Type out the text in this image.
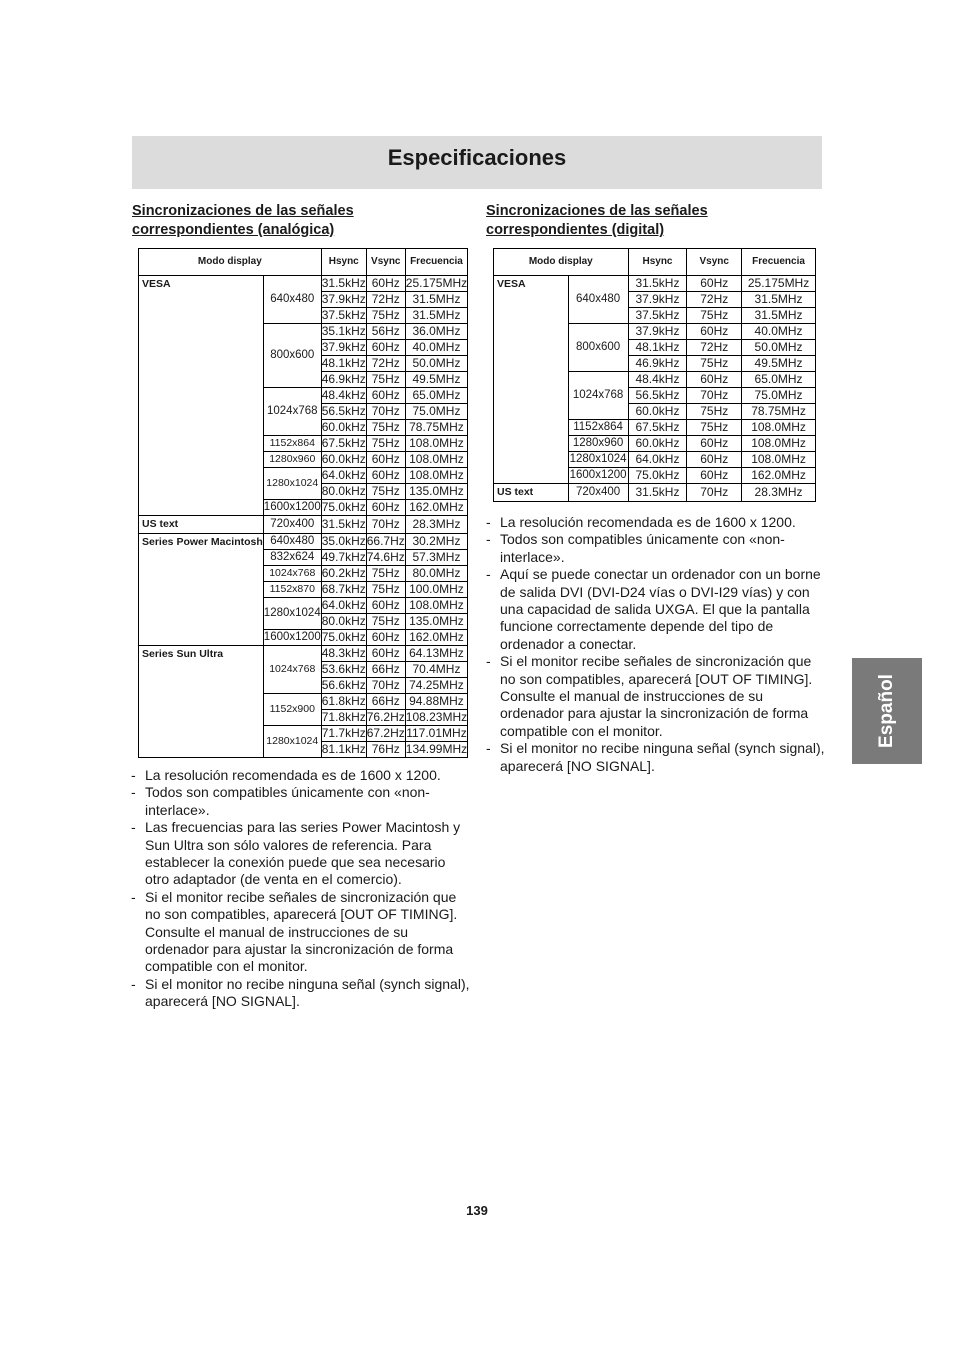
Especificaciones
Sincronizaciones de las señales
correspondientes (analógica)
Sincronizaciones de las señales
correspondientes (digital)
Modo display		Hsync	Vsync	Frecuencia
VESA	640x480	31.5kHz	60Hz	25.175MHz
		37.9kHz	72Hz	31.5MHz
		37.5kHz	75Hz	31.5MHz
	800x600	35.1kHz	56Hz	36.0MHz
		37.9kHz	60Hz	40.0MHz
		48.1kHz	72Hz	50.0MHz
		46.9kHz	75Hz	49.5MHz
	1024x768	48.4kHz	60Hz	65.0MHz
		56.5kHz	70Hz	75.0MHz
		60.0kHz	75Hz	78.75MHz
	1152x864	67.5kHz	75Hz	108.0MHz
	1280x960	60.0kHz	60Hz	108.0MHz
	1280x1024	64.0kHz	60Hz	108.0MHz
		80.0kHz	75Hz	135.0MHz
	1600x1200	75.0kHz	60Hz	162.0MHz
US text	720x400	31.5kHz	70Hz	28.3MHz
Series Power Macintosh	640x480	35.0kHz	66.7Hz	30.2MHz
	832x624	49.7kHz	74.6Hz	57.3MHz
	1024x768	60.2kHz	75Hz	80.0MHz
	1152x870	68.7kHz	75Hz	100.0MHz
	1280x1024	64.0kHz	60Hz	108.0MHz
		80.0kHz	75Hz	135.0MHz
	1600x1200	75.0kHz	60Hz	162.0MHz
Series Sun Ultra	1024x768	48.3kHz	60Hz	64.13MHz
		53.6kHz	66Hz	70.4MHz
		56.6kHz	70Hz	74.25MHz
	1152x900	61.8kHz	66Hz	94.88MHz
		71.8kHz	76.2Hz	108.23MHz
	1280x1024	71.7kHz	67.2Hz	117.01MHz
		81.1kHz	76Hz	134.99MHz
Modo display		Hsync	Vsync	Frecuencia
VESA	640x480	31.5kHz	60Hz	25.175MHz
		37.9kHz	72Hz	31.5MHz
		37.5kHz	75Hz	31.5MHz
	800x600	37.9kHz	60Hz	40.0MHz
		48.1kHz	72Hz	50.0MHz
		46.9kHz	75Hz	49.5MHz
	1024x768	48.4kHz	60Hz	65.0MHz
		56.5kHz	70Hz	75.0MHz
		60.0kHz	75Hz	78.75MHz
	1152x864	67.5kHz	75Hz	108.0MHz
	1280x960	60.0kHz	60Hz	108.0MHz
	1280x1024	64.0kHz	60Hz	108.0MHz
	1600x1200	75.0kHz	60Hz	162.0MHz
US text	720x400	31.5kHz	70Hz	28.3MHz
- La resolución recomendada es de 1600 x 1200.
- Todos son compatibles únicamente con «non-interlace».
- Las frecuencias para las series Power Macintosh y Sun Ultra son sólo valores de referencia. Para establecer la conexión puede que sea necesario otro adaptador (de venta en el comercio).
- Si el monitor recibe señales de sincronización que no son compatibles, aparecerá [OUT OF TIMING]. Consulte el manual de instrucciones de su ordenador para ajustar la sincronización de forma compatible con el monitor.
- Si el monitor no recibe ninguna señal (synch signal), aparecerá [NO SIGNAL].
- La resolución recomendada es de 1600 x 1200.
- Todos son compatibles únicamente con «non-interlace».
- Aquí se puede conectar un ordenador con un borne de salida DVI (DVI-D24 vías o DVI-I29 vías) y con una capacidad de salida UXGA. El que la pantalla funcione correctamente depende del tipo de ordenador a conectar.
- Si el monitor recibe señales de sincronización que no son compatibles, aparecerá [OUT OF TIMING]. Consulte el manual de instrucciones de su ordenador para ajustar la sincronización de forma compatible con el monitor.
- Si el monitor no recibe ninguna señal (synch signal), aparecerá [NO SIGNAL].
Español
139
